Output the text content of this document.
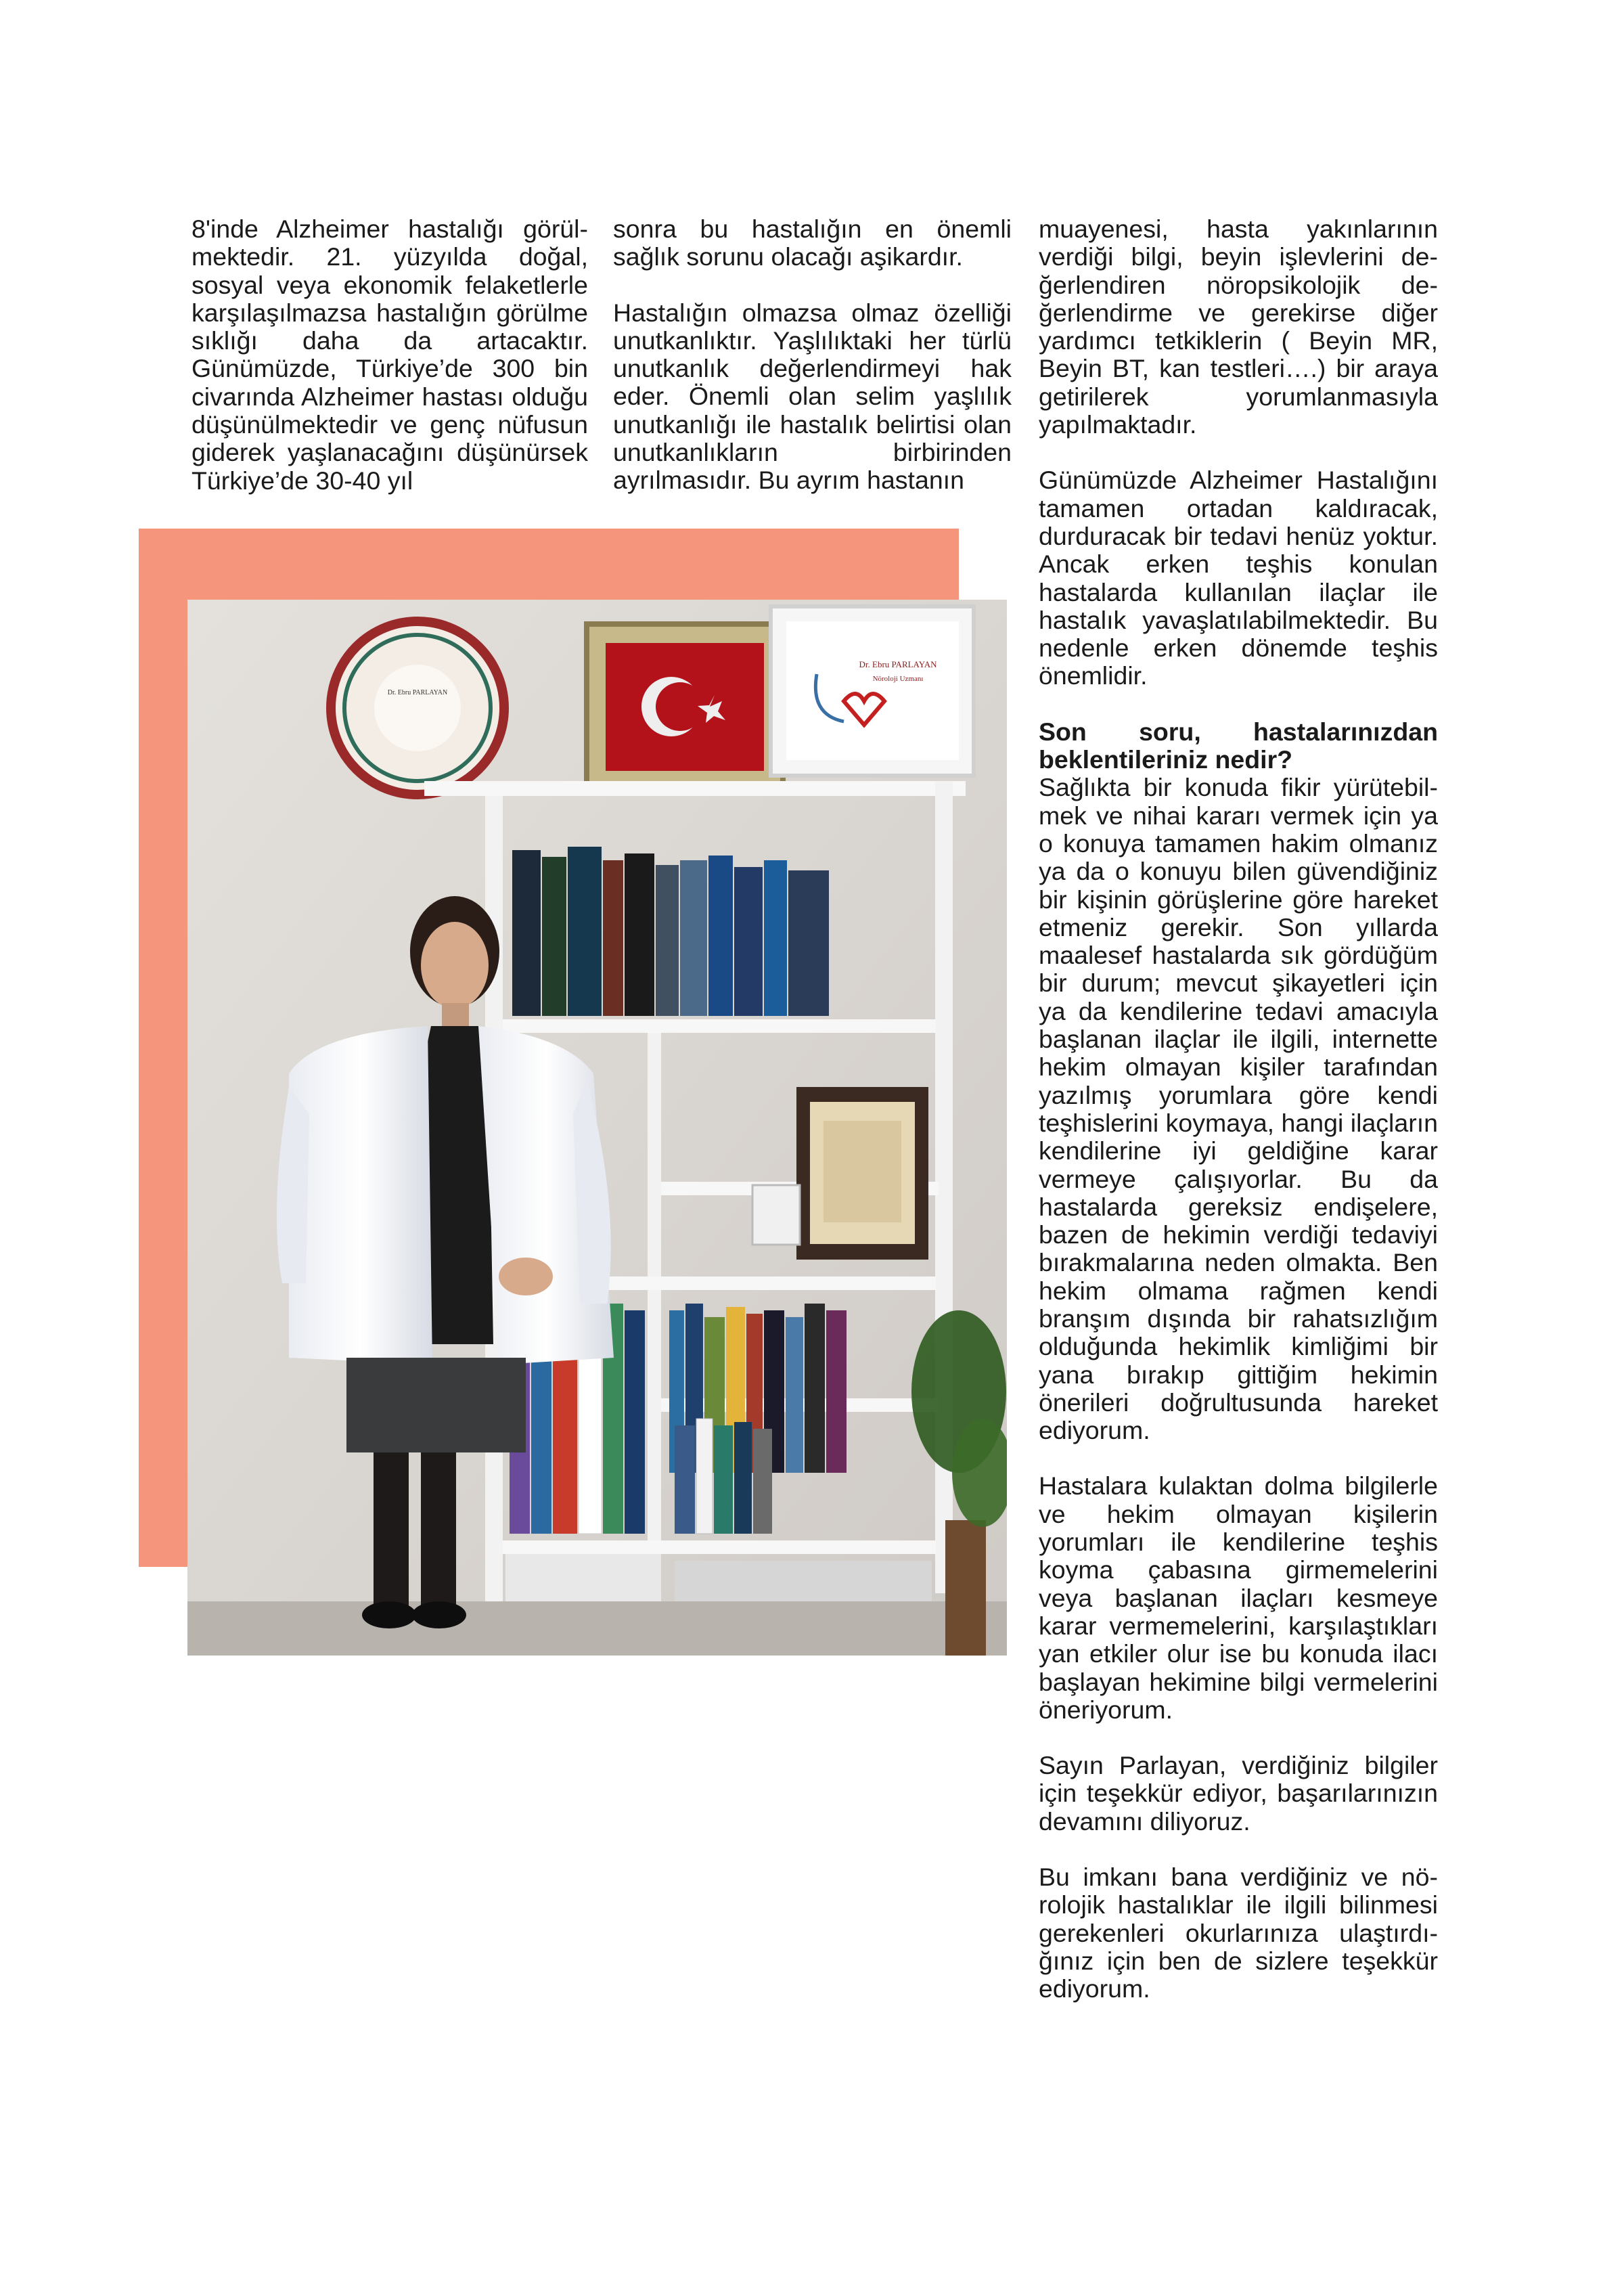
8'inde Alzheimer hastalığı görülmektedir. 21. yüzyılda doğal, sosyal veya ekonomik felaketlerle karşılaşılmazsa hastalığın görülme sıklığı daha da artacaktır. Günümüzde, Türkiye’de 300 bin civarında Alzheimer hastası olduğu düşünülmektedir ve genç nüfusun giderek yaşlanacağını düşünürsek Türkiye’de 30-40 yıl

sonra bu hastalığın en önemli sağlık sorunu olacağı aşikardır.

Hastalığın olmazsa olmaz özelliği unutkanlıktır. Yaşlılıktaki her türlü unutkanlık değerlendirmeyi hak eder. Önemli olan selim yaşlılık unutkanlığı ile hastalık belirtisi olan unutkanlıkların birbirinden ayrılmasıdır. Bu ayrım hastanın

muayenesi, hasta yakınlarının verdiği bilgi, beyin işlevlerini değerlendiren nöropsikolojik değerlendirme ve gerekirse diğer yardımcı tetkiklerin ( Beyin MR, Beyin BT, kan testleri….) bir araya getirilerek yorumlanmasıyla yapılmaktadır.

Günümüzde Alzheimer Hastalığını tamamen ortadan kaldıracak, durduracak bir tedavi henüz yoktur. Ancak erken teşhis konulan hastalarda kullanılan ilaçlar ile hastalık yavaşlatılabilmektedir. Bu nedenle erken dönemde teşhis önemlidir.

Son soru, hastalarınızdan
beklentileriniz nedir?

Sağlıkta bir konuda fikir yürütebilmek ve nihai kararı vermek için ya o konuya tamamen hakim olmanız ya da o konuyu bilen güvendiğiniz bir kişinin görüşlerine göre hareket etmeniz gerekir. Son yıllarda maalesef hastalarda sık gördüğüm bir durum; mevcut şikayetleri için ya da kendilerine tedavi amacıyla başlanan ilaçlar ile ilgili, internette hekim olmayan kişiler tarafından yazılmış yorumlara göre kendi teşhislerini koymaya, hangi ilaçların kendilerine iyi geldiğine karar vermeye çalışıyorlar. Bu da hastalarda gereksiz endişelere, bazen de hekimin verdiği tedaviyi bırakmalarına neden olmakta. Ben hekim olmama rağmen kendi branşım dışında bir rahatsızlığım olduğunda hekimlik kimliğimi bir yana bırakıp gittiğim hekimin önerileri doğrultusunda hareket ediyorum.

Hastalara kulaktan dolma bilgilerle ve hekim olmayan kişilerin yorumları ile kendilerine teşhis koyma çabasına girmemelerini veya başlanan ilaçları kesmeye karar vermemelerini, karşılaştıkları yan etkiler olur ise bu konuda ilacı başlayan hekimine bilgi vermelerini öneriyorum.

Sayın Parlayan, verdiğiniz bilgiler için teşekkür ediyor, başarılarınızın devamını diliyoruz.

Bu imkanı bana verdiğiniz ve nörolojik hastalıklar ile ilgili bilinmesi gerekenleri okurlarınıza ulaştırdığınız için ben de sizlere teşekkür ediyorum.

Dr. Ebru PARLAYAN
Dr. Ebru PARLAYAN
Nöroloji Uzmanı
